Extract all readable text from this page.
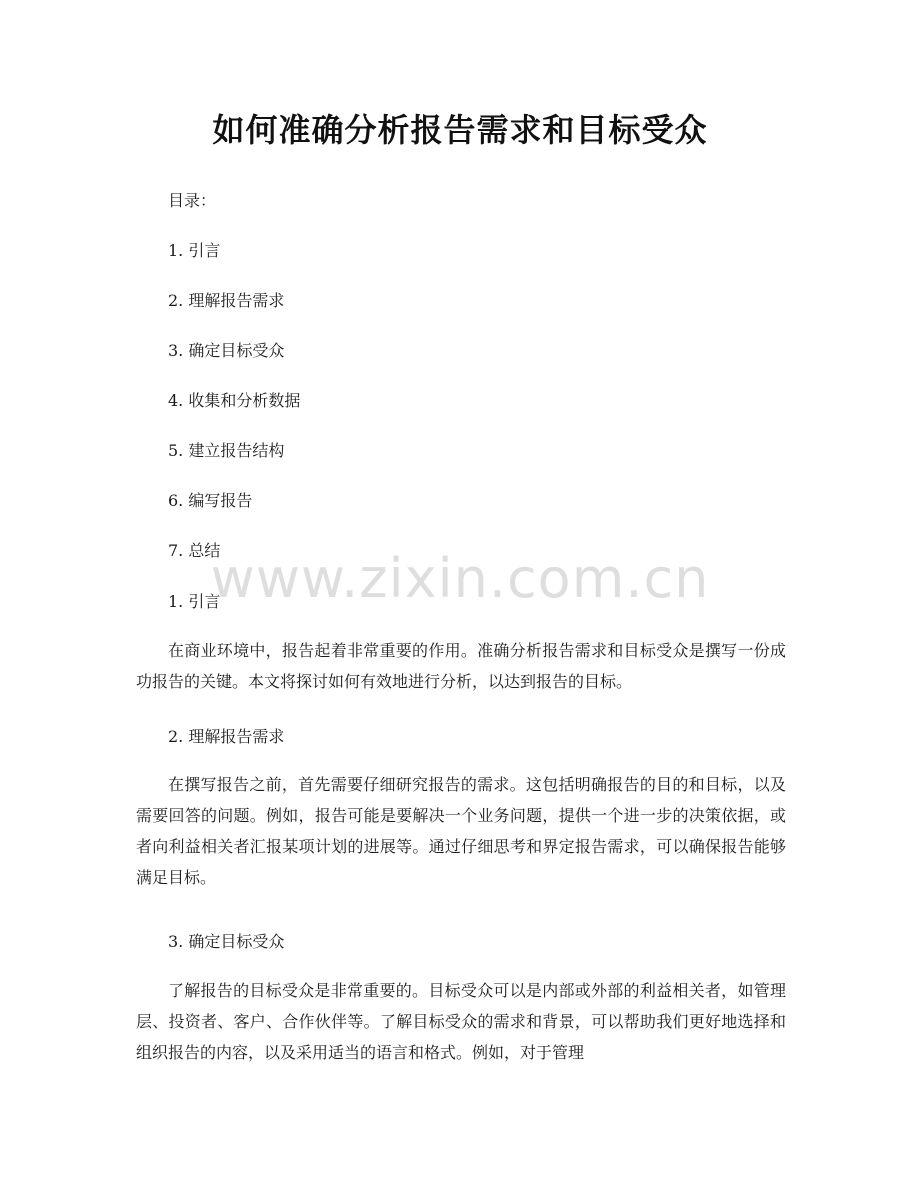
如何准确分析报告需求和目标受众
目录：
1. 引言
2. 理解报告需求
3. 确定目标受众
4. 收集和分析数据
5. 建立报告结构
6. 编写报告
7. 总结
1. 引言
在商业环境中，报告起着非常重要的作用。准确分析报告需求和目标受众是撰写一份成功报告的关键。本文将探讨如何有效地进行分析，以达到报告的目标。
2. 理解报告需求
在撰写报告之前，首先需要仔细研究报告的需求。这包括明确报告的目的和目标，以及需要回答的问题。例如，报告可能是要解决一个业务问题，提供一个进一步的决策依据，或者向利益相关者汇报某项计划的进展等。通过仔细思考和界定报告需求，可以确保报告能够满足目标。
3. 确定目标受众
了解报告的目标受众是非常重要的。目标受众可以是内部或外部的利益相关者，如管理层、投资者、客户、合作伙伴等。了解目标受众的需求和背景，可以帮助我们更好地选择和组织报告的内容，以及采用适当的语言和格式。例如，对于管理
www.zixin.com.cn
